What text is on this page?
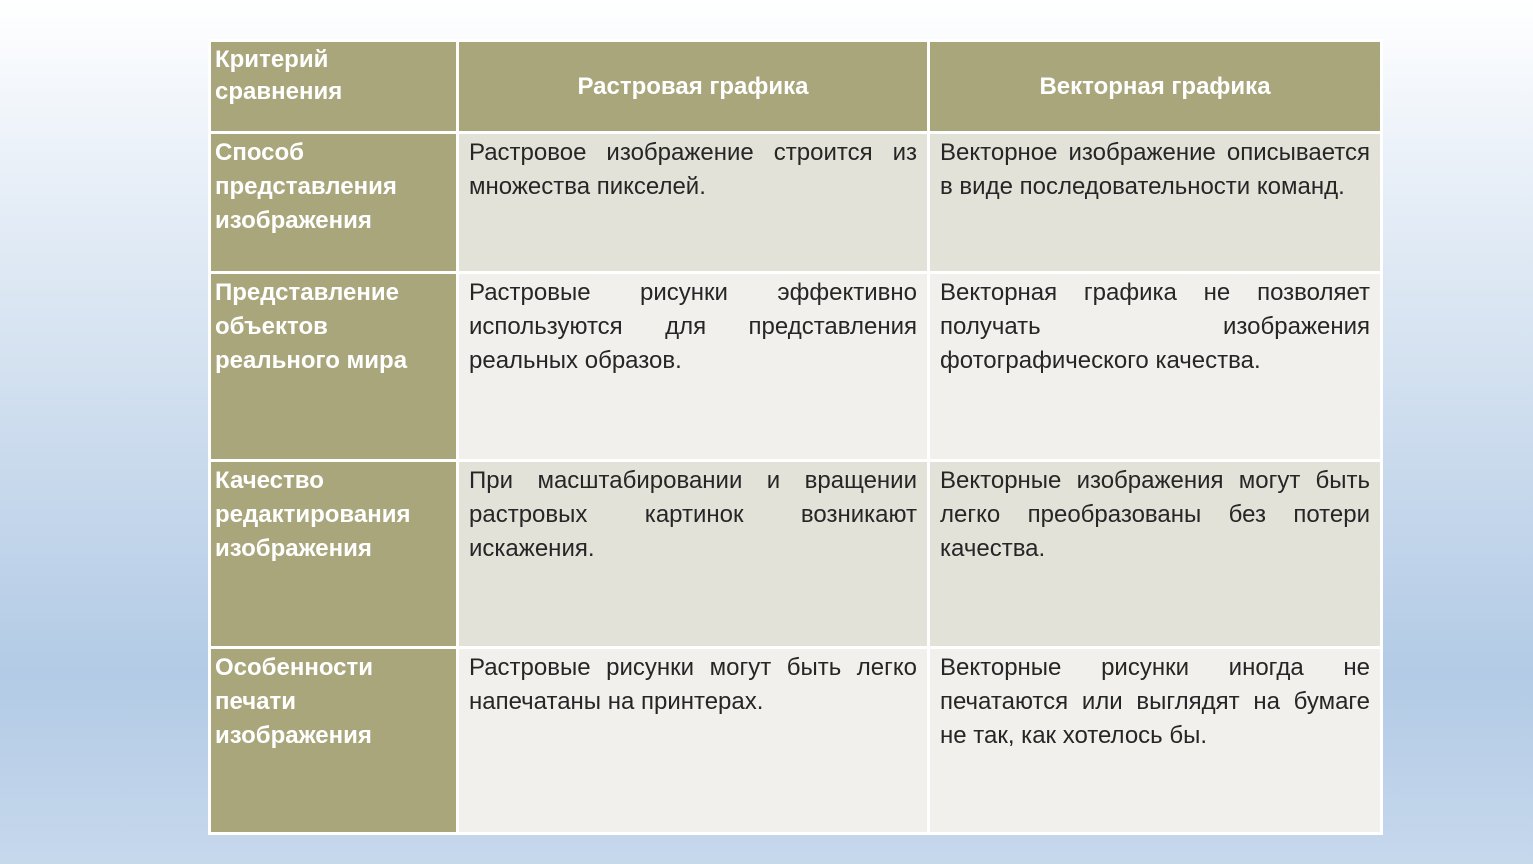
Критерий сравнения	Растровая графика	Векторная графика
Способ представления изображения	Растровое изображение строится из множества пикселей.	Векторное изображение описывается в виде последовательности команд.
Представление объектов реального мира	Растровые рисунки эффективно используются для представления реальных образов.	Векторная графика не позволяет получать изображения фотографического качества.
Качество редактирования изображения	При масштабировании и вращении растровых картинок возникают искажения.	Векторные изображения могут быть легко преобразованы без потери качества.
Особенности печати изображения	Растровые рисунки могут быть легко напечатаны на принтерах.	Векторные рисунки иногда не печатаются или выглядят на бумаге не так, как хотелось бы.
